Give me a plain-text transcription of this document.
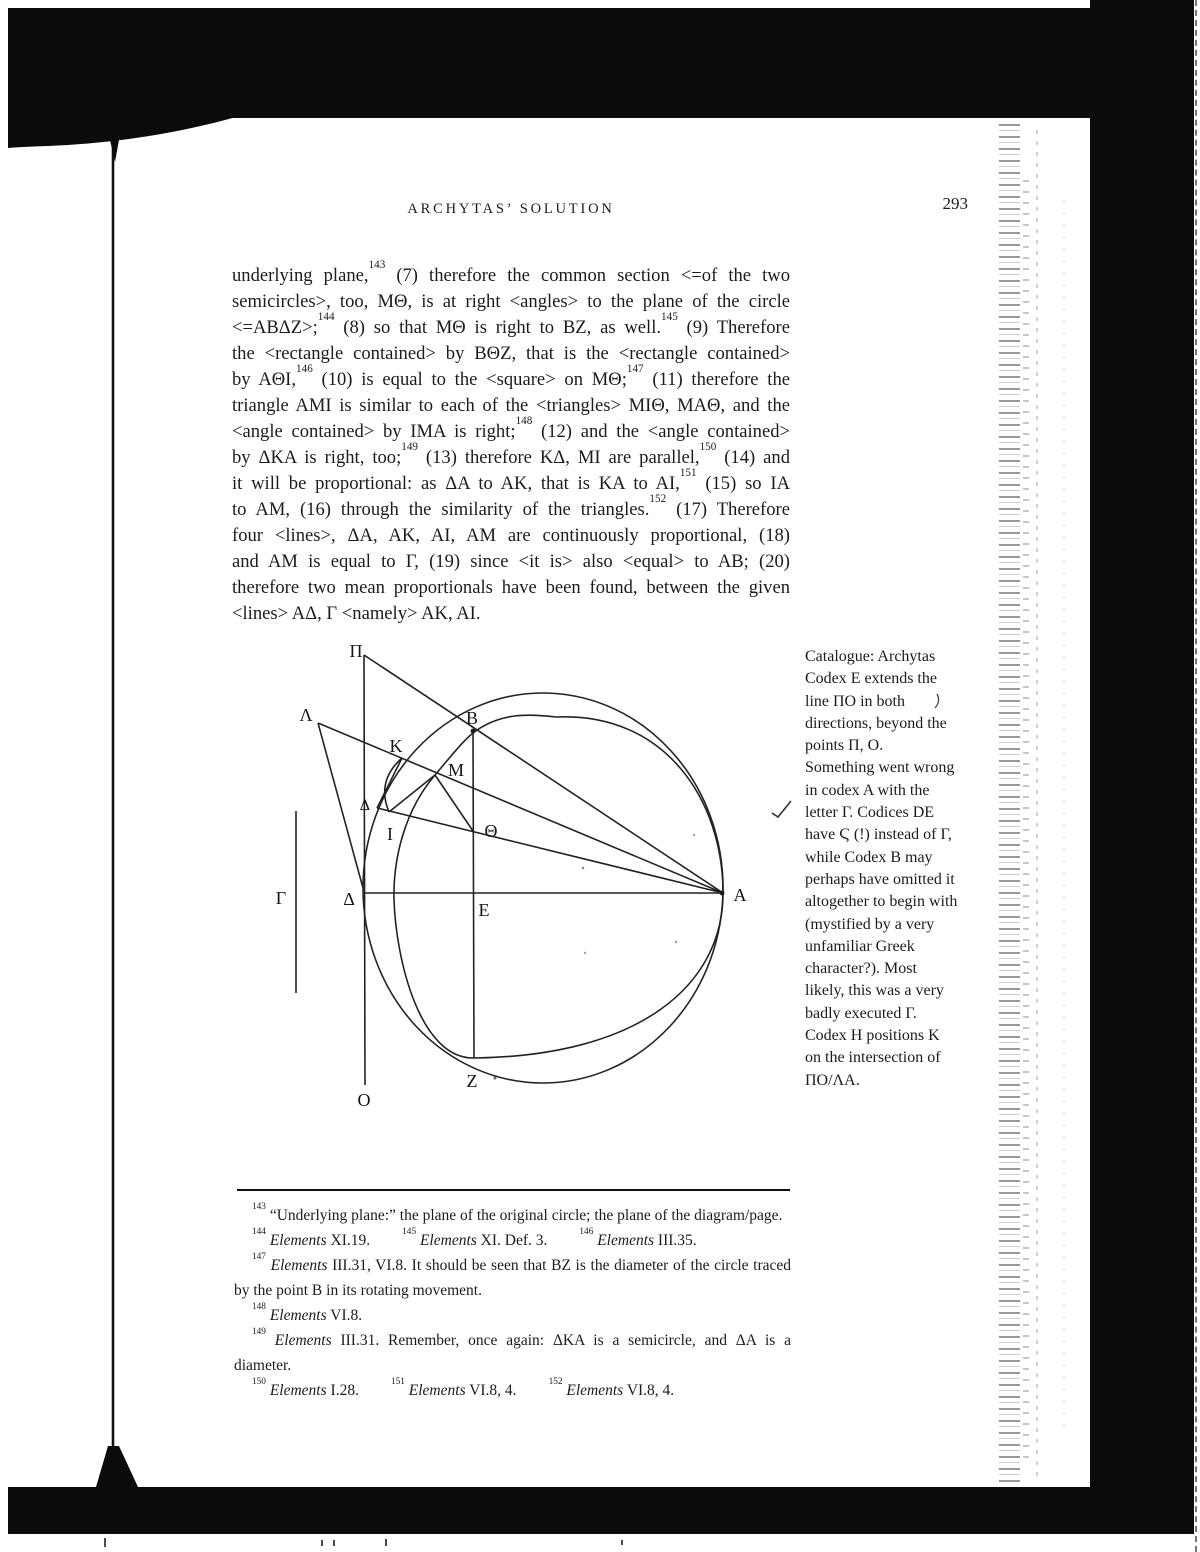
ARCHYTAS’ SOLUTION	293
underlying plane,$^{143}$ (7) therefore the common section <=of the two
semicircles>, too, MΘ, is at right <angles> to the plane of the circle
<=ABΔZ>;$^{144}$ (8) so that MΘ is right to BZ, as well.$^{145}$ (9) Therefore
the <rectangle contained> by BΘZ, that is the <rectangle contained>
by AΘI,$^{146}$ (10) is equal to the <square> on MΘ;$^{147}$ (11) therefore the
triangle AMI is similar to each of the <triangles> MIΘ, MAΘ, and the
<angle contained> by IMA is right;$^{148}$ (12) and the <angle contained>
by ΔKA is right, too;$^{149}$ (13) therefore KΔ, MI are parallel,$^{150}$ (14) and
it will be proportional: as ΔA to AK, that is KA to AI,$^{151}$ (15) so IA
to AM, (16) through the similarity of the triangles.$^{152}$ (17) Therefore
four <lines>, ΔA, AK, AI, AM are continuously proportional, (18)
and AM is equal to Γ, (19) since <it is> also <equal> to AB; (20)
therefore two mean proportionals have been found, between the given
<lines> AΔ, Γ <namely> AK, AI.
Π
Λ	B
K
M
Δ
I	Θ
Γ	Δ
E
A
Z
O
Catalogue: Archytas
Codex E extends the
line ΠΟ in both
directions, beyond the
points Π, Ο.
Something went wrong
in codex A with the
letter Γ. Codices DE
have Ϛ (!) instead of Γ,
while Codex B may
perhaps have omitted it
altogether to begin with
(mystified by a very
unfamiliar Greek
character?). Most
likely, this was a very
badly executed Γ.
Codex H positions K
on the intersection of
ΠΟ/ΛΑ.
$^{143}$ “Underlying plane:” the plane of the original circle; the plane of the diagram/page.
$^{144}$ Elements XI.19.	$^{145}$ Elements XI. Def. 3.	$^{146}$ Elements III.35.
$^{147}$ Elements III.31, VI.8. It should be seen that BZ is the diameter of the circle traced
by the point B in its rotating movement.
$^{148}$ Elements VI.8.
$^{149}$ Elements III.31. Remember, once again: ΔKA is a semicircle, and ΔA is a
diameter.
$^{150}$ Elements I.28.	$^{151}$ Elements VI.8, 4.	$^{152}$ Elements VI.8, 4.
